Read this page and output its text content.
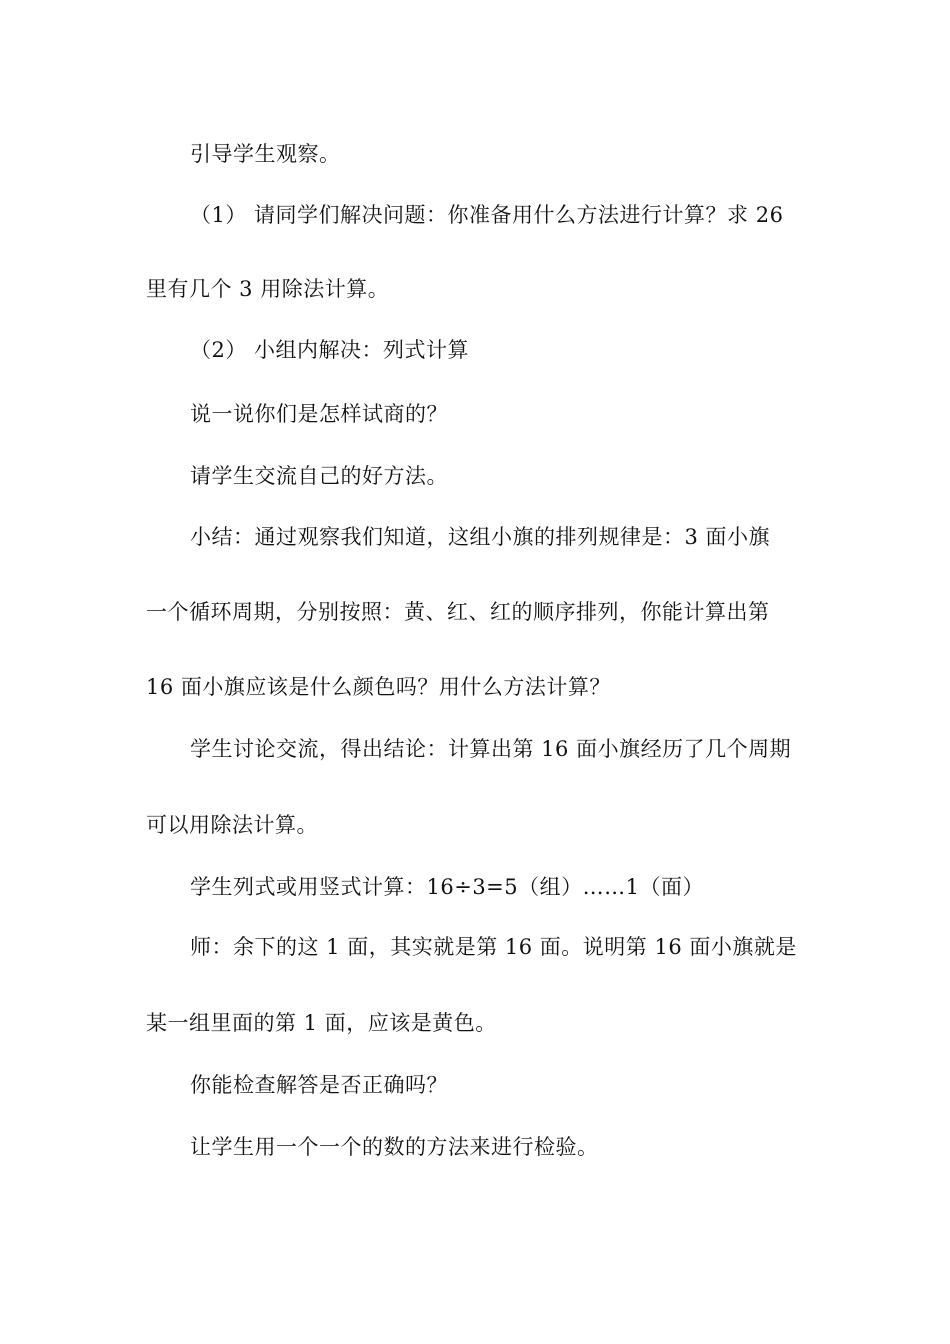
引导学生观察。
（1） 请同学们解决问题：你准备用什么方法进行计算？求 26
里有几个 3 用除法计算。
（2） 小组内解决：列式计算
说一说你们是怎样试商的？
请学生交流自己的好方法。
小结：通过观察我们知道，这组小旗的排列规律是：3 面小旗
一个循环周期，分别按照：黄、红、红的顺序排列，你能计算出第
16 面小旗应该是什么颜色吗？用什么方法计算？
学生讨论交流，得出结论：计算出第 16 面小旗经历了几个周期
可以用除法计算。
学生列式或用竖式计算：16÷3=5（组）……1（面）
师：余下的这 1 面，其实就是第 16 面。说明第 16 面小旗就是
某一组里面的第 1 面，应该是黄色。
你能检查解答是否正确吗？
让学生用一个一个的数的方法来进行检验。
